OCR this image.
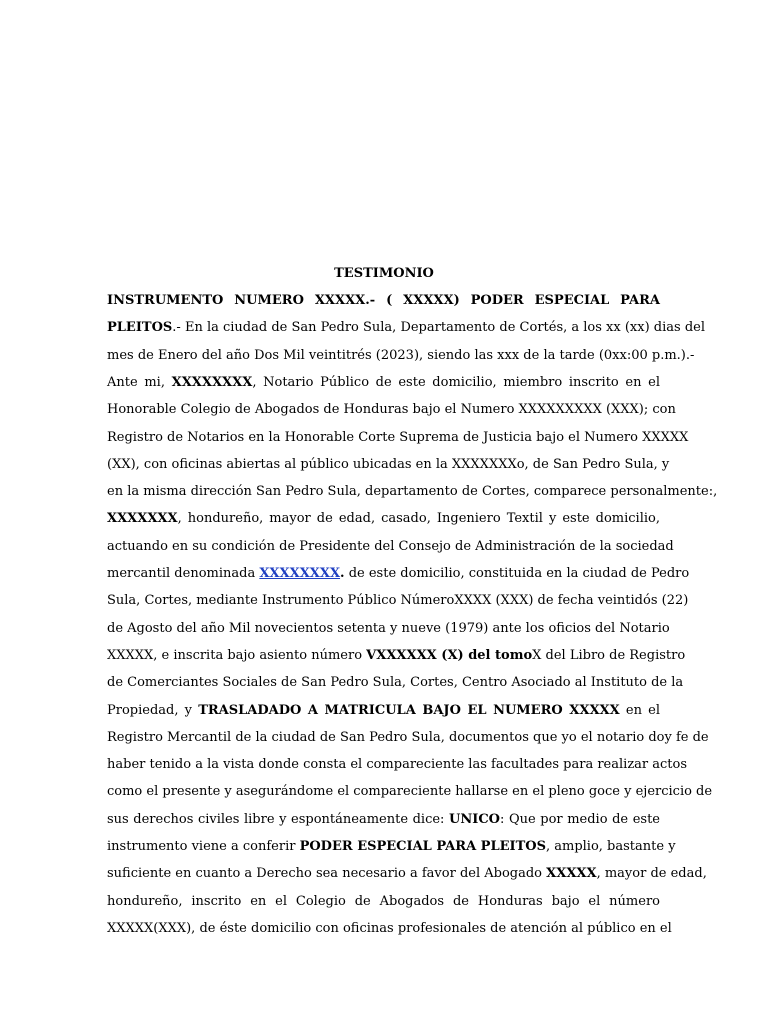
TESTIMONIO

INSTRUMENTO NUMERO XXXXX.- ( XXXXX) PODER ESPECIAL PARA

PLEITOS.- En la ciudad de San Pedro Sula, Departamento de Cortés, a los xx (xx) dias del

mes de Enero del año Dos Mil veintitrés (2023), siendo las xxx de la tarde (0xx:00 p.m.).-

Ante mi, XXXXXXXX, Notario Público de este domicilio, miembro inscrito en el

Honorable Colegio de Abogados de Honduras bajo el Numero XXXXXXXXX (XXX); con

Registro de Notarios en la Honorable Corte Suprema de Justicia bajo el Numero XXXXX

(XX), con oficinas abiertas al público ubicadas en la XXXXXXXo, de San Pedro Sula, y

en la misma dirección San Pedro Sula, departamento de Cortes, comparece personalmente:,

XXXXXXX, hondureño, mayor de edad, casado, Ingeniero Textil y este domicilio,

actuando en su condición de Presidente del Consejo de Administración de la sociedad

mercantil denominada XXXXXXXX. de este domicilio, constituida en la ciudad de Pedro

Sula, Cortes, mediante Instrumento Público NúmeroXXXX (XXX) de fecha veintidós (22)

de Agosto del año Mil novecientos setenta y nueve (1979) ante los oficios del Notario

XXXXX, e inscrita bajo asiento número VXXXXXX (X) del tomoX del Libro de Registro

de Comerciantes Sociales de San Pedro Sula, Cortes, Centro Asociado al Instituto de la

Propiedad, y TRASLADADO A MATRICULA BAJO EL NUMERO XXXXX en el

Registro Mercantil de la ciudad de San Pedro Sula, documentos que yo el notario doy fe de

haber tenido a la vista donde consta el compareciente las facultades para realizar actos

como el presente y asegurándome el compareciente hallarse en el pleno goce y ejercicio de

sus derechos civiles libre y espontáneamente dice: UNICO: Que por medio de este

instrumento viene a conferir PODER ESPECIAL PARA PLEITOS, amplio, bastante y

suficiente en cuanto a Derecho sea necesario a favor del Abogado XXXXX, mayor de edad,

hondureño, inscrito en el Colegio de Abogados de Honduras bajo el número

XXXXX(XXX), de éste domicilio con oficinas profesionales de atención al público en el
